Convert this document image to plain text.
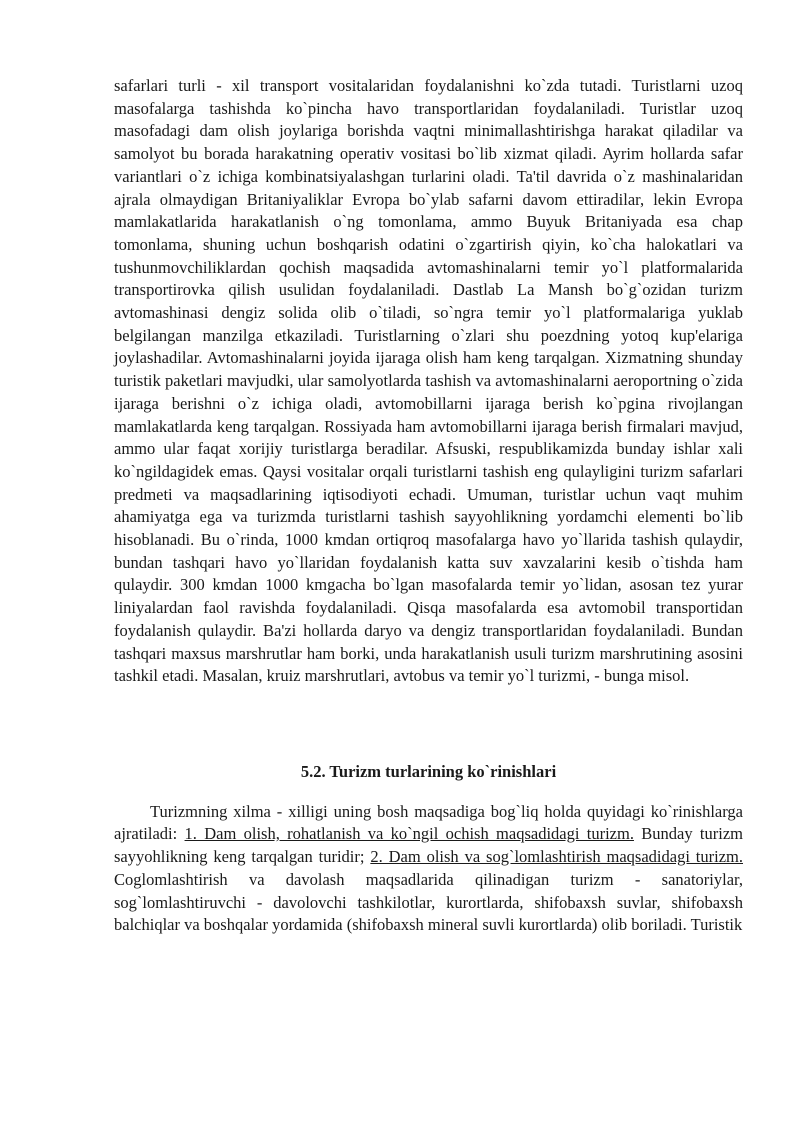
safarlari turli - xil transport vositalaridan foydalanishni ko`zda tutadi. Turistlarni uzoq masofalarga tashishda ko`pincha havo transportlaridan foydalaniladi. Turistlar uzoq masofadagi dam olish joylariga borishda vaqtni minimallashtirishga harakat qiladilar va samolyot bu borada harakatning operativ vositasi bo`lib xizmat qiladi. Ayrim hollarda safar variantlari o`z ichiga kombinatsiyalashgan turlarini oladi. Ta'til davrida o`z mashinalaridan ajrala olmaydigan Britaniyaliklar Evropa bo`ylab safarni davom ettiradilar, lekin Evropa mamlakatlarida harakatlanish o`ng tomonlama, ammo Buyuk Britaniyada esa chap tomonlama, shuning uchun boshqarish odatini o`zgartirish qiyin, ko`cha halokatlari va tushunmovchiliklardan qochish maqsadida avtomashinalarni temir yo`l platformalarida transportirovka qilish usulidan foydalaniladi. Dastlab La Mansh bo`g`ozidan turizm avtomashinasi dengiz solida olib o`tiladi, so`ngra temir yo`l platformalariga yuklab belgilangan manzilga etkaziladi. Turistlarning o`zlari shu poezdning yotoq kup'elariga joylashadilar. Avtomashinalarni joyida ijaraga olish ham keng tarqalgan. Xizmatning shunday turistik paketlari mavjudki, ular samolyotlarda tashish va avtomashinalarni aeroportning o`zida ijaraga berishni o`z ichiga oladi, avtomobillarni ijaraga berish ko`pgina rivojlangan mamlakatlarda keng tarqalgan. Rossiyada ham avtomobillarni ijaraga berish firmalari mavjud, ammo ular faqat xorijiy turistlarga beradilar. Afsuski, respublikamizda bunday ishlar xali ko`ngildagidek emas. Qaysi vositalar orqali turistlarni tashish eng qulayligini turizm safarlari predmeti va maqsadlarining iqtisodiyoti echadi. Umuman, turistlar uchun vaqt muhim ahamiyatga ega va turizmda turistlarni tashish sayyohlikning yordamchi elementi bo`lib hisoblanadi. Bu o`rinda, 1000 kmdan ortiqroq masofalarga havo yo`llarida tashish qulaydir, bundan tashqari havo yo`llaridan foydalanish katta suv xavzalarini kesib o`tishda ham qulaydir. 300 kmdan 1000 kmgacha bo`lgan masofalarda temir yo`lidan, asosan tez yurar liniyalardan faol ravishda foydalaniladi. Qisqa masofalarda esa avtomobil transportidan foydalanish qulaydir. Ba'zi hollarda daryo va dengiz transportlaridan foydalaniladi. Bundan tashqari maxsus marshrutlar ham borki, unda harakatlanish usuli turizm marshrutining asosini tashkil etadi. Masalan, kruiz marshrutlari, avtobus va temir yo`l turizmi, - bunga misol.

5.2. Turizm turlarining ko`rinishlari

Turizmning xilma - xilligi uning bosh maqsadiga bog`liq holda quyidagi ko`rinishlarga ajratiladi: 1. Dam olish, rohatlanish va ko`ngil ochish maqsadidagi turizm. Bunday turizm sayyohlikning keng tarqalgan turidir; 2. Dam olish va sog`lomlashtirish maqsadidagi turizm. Coglomlashtirish va davolash maqsadlarida qilinadigan turizm - sanatoriylar, sog`lomlashtiruvchi - davolovchi tashkilotlar, kurortlarda, shifobaxsh suvlar, shifobaxsh balchiqlar va boshqalar yordamida (shifobaxsh mineral suvli kurortlarda) olib boriladi. Turistik
